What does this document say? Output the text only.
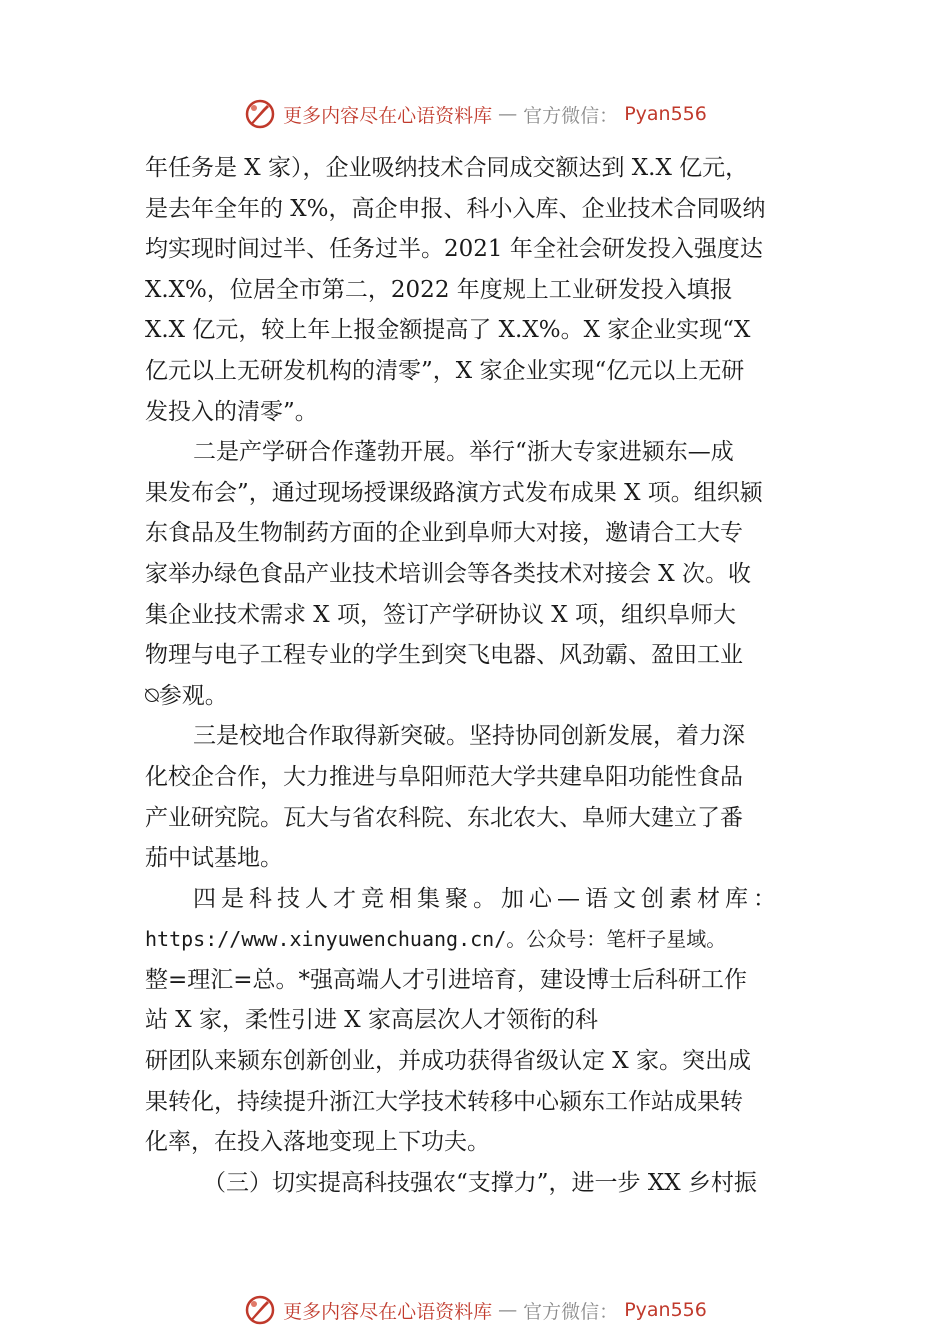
更多内容尽在心语资料库 — 官方微信： Pyan556
年任务是 X 家），企业吸纳技术合同成交额达到 X.X 亿元，
是去年全年的 X%，高企申报、科小入库、企业技术合同吸纳
均实现时间过半、任务过半。2021 年全社会研发投入强度达
X.X%，位居全市第二，2022 年度规上工业研发投入填报
X.X 亿元，较上年上报金额提高了 X.X%。X 家企业实现“X
亿元以上无研发机构的清零”，X 家企业实现“亿元以上无研
发投入的清零”。
二是产学研合作蓬勃开展。举行“浙大专家进颍东—成
果发布会”，通过现场授课级路演方式发布成果 X 项。组织颍
东食品及生物制药方面的企业到阜师大对接，邀请合工大专
家举办绿色食品产业技术培训会等各类技术对接会 X 次。收
集企业技术需求 X 项，签订产学研协议 X 项，组织阜师大
物理与电子工程专业的学生到突飞电器、风劲霸、盈田工业
⍉参观。
三是校地合作取得新突破。坚持协同创新发展，着力深
化校企合作，大力推进与阜阳师范大学共建阜阳功能性食品
产业研究院。瓦大与省农科院、东北农大、阜师大建立了番
茄中试基地。
四是科技人才竞相集聚。加心—语文创素材库：
https://www.xinyuwenchuang.cn/。公众号：笔杆子星域。
整=理汇=总。*强高端人才引进培育，建设博士后科研工作
站 X 家，柔性引进 X 家高层次人才领衔的科
研团队来颍东创新创业，并成功获得省级认定 X 家。突出成
果转化，持续提升浙江大学技术转移中心颍东工作站成果转
化率，在投入落地变现上下功夫。
（三）切实提高科技强农“支撑力”，进一步 XX 乡村振
更多内容尽在心语资料库 — 官方微信： Pyan556
